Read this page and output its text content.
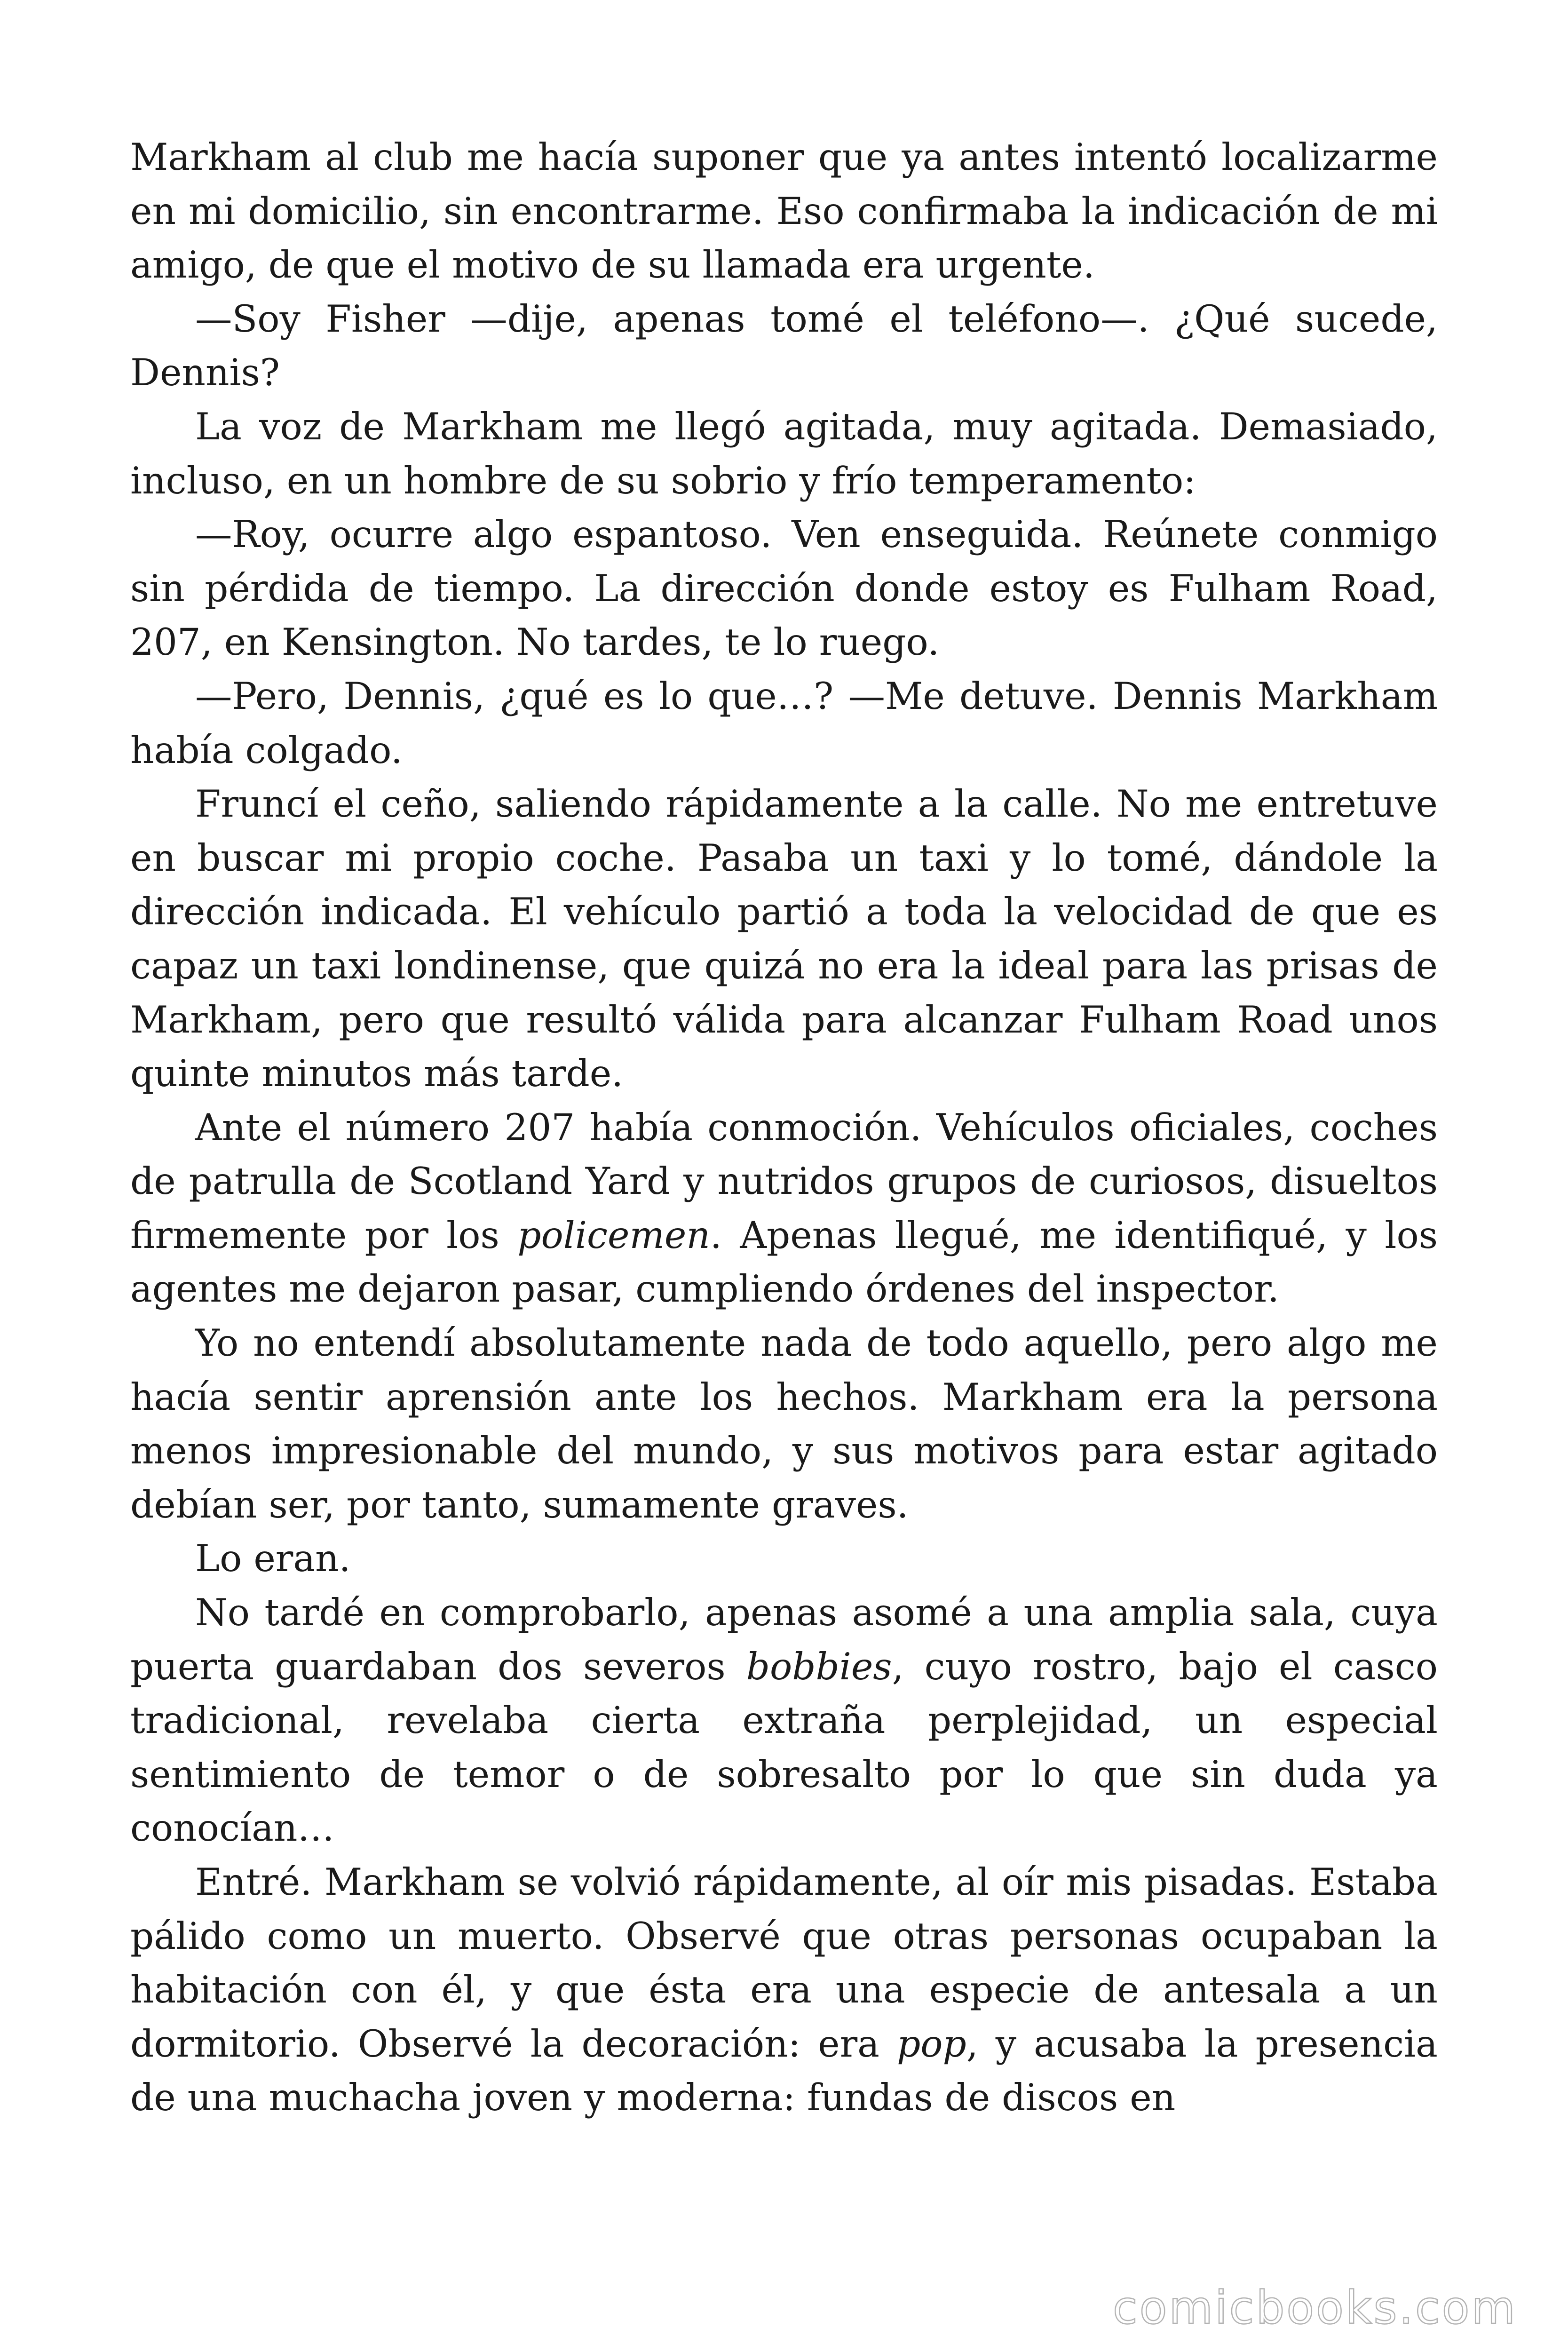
Markham al club me hacía suponer que ya antes intentó localizarme en mi domicilio, sin encontrarme. Eso confirmaba la indicación de mi amigo, de que el motivo de su llamada era urgente.

—Soy Fisher —dije, apenas tomé el teléfono—. ¿Qué sucede, Dennis?

La voz de Markham me llegó agitada, muy agitada. Demasiado, incluso, en un hombre de su sobrio y frío temperamento:

—Roy, ocurre algo espantoso. Ven enseguida. Reúnete conmigo sin pérdida de tiempo. La dirección donde estoy es Fulham Road, 207, en Kensington. No tardes, te lo ruego.

—Pero, Dennis, ¿qué es lo que…? —Me detuve. Dennis Markham había colgado.

Fruncí el ceño, saliendo rápidamente a la calle. No me entretuve en buscar mi propio coche. Pasaba un taxi y lo tomé, dándole la dirección indicada. El vehículo partió a toda la velocidad de que es capaz un taxi londinense, que quizá no era la ideal para las prisas de Markham, pero que resultó válida para alcanzar Fulham Road unos quinte minutos más tarde.

Ante el número 207 había conmoción. Vehículos oficiales, coches de patrulla de Scotland Yard y nutridos grupos de curiosos, disueltos firmemente por los policemen. Apenas llegué, me identifiqué, y los agentes me dejaron pasar, cumpliendo órdenes del inspector.

Yo no entendí absolutamente nada de todo aquello, pero algo me hacía sentir aprensión ante los hechos. Markham era la persona menos impresionable del mundo, y sus motivos para estar agitado debían ser, por tanto, sumamente graves.

Lo eran.

No tardé en comprobarlo, apenas asomé a una amplia sala, cuya puerta guardaban dos severos bobbies, cuyo rostro, bajo el casco tradicional, revelaba cierta extraña perplejidad, un especial sentimiento de temor o de sobresalto por lo que sin duda ya conocían…

Entré. Markham se volvió rápidamente, al oír mis pisadas. Estaba pálido como un muerto. Observé que otras personas ocupaban la habitación con él, y que ésta era una especie de antesala a un dormitorio. Observé la decoración: era pop, y acusaba la presencia de una muchacha joven y moderna: fundas de discos en

comicbooks.com
